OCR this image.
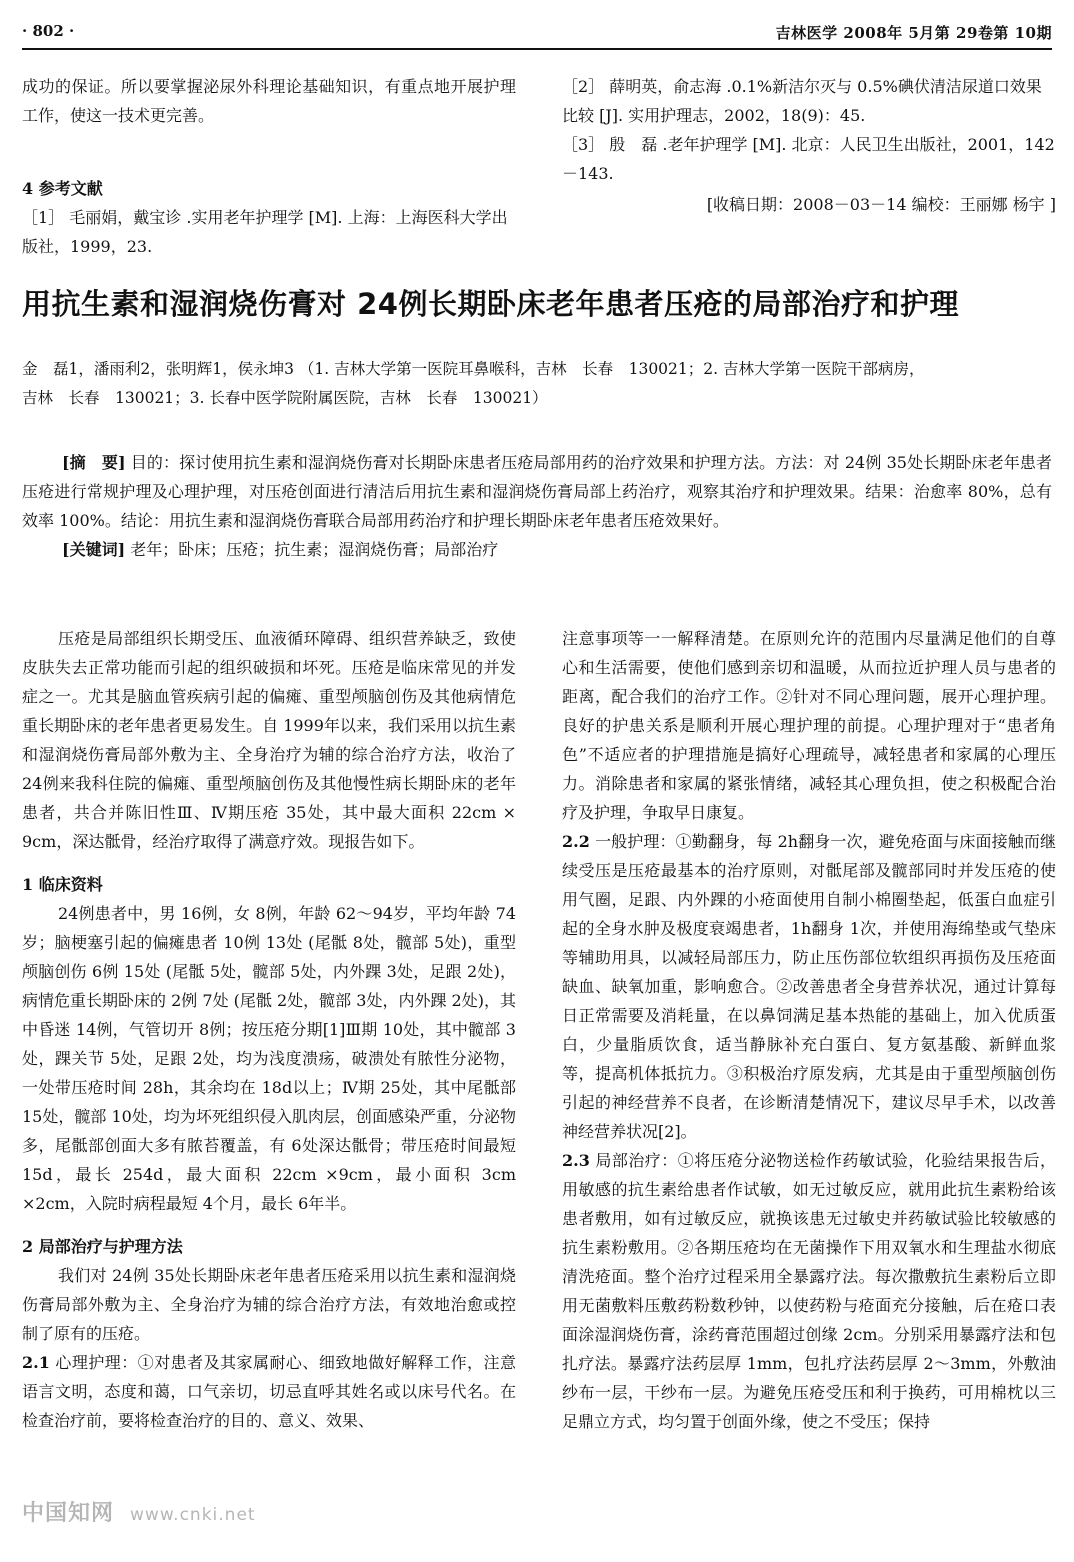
· 802 ·	吉林医学 2008年 5月第 29卷第 10期
成功的保证。所以要掌握泌尿外科理论基础知识，有重点地开展护理工作，使这一技术更完善。
4 参考文献
［1］ 毛丽娟，戴宝诊 .实用老年护理学 [M]. 上海：上海医科大学出版社，1999，23.
［2］ 薛明英，俞志海 .0.1%新洁尔灭与 0.5%碘伏清洁尿道口效果比较 [J]. 实用护理志，2002，18(9)：45.
［3］ 殷　磊 .老年护理学 [M]. 北京：人民卫生出版社，2001，142－143.
[收稿日期：2008－03－14 编校：王丽娜 杨宇 ]
用抗生素和湿润烧伤膏对 24例长期卧床老年患者压疮的局部治疗和护理
金　磊1，潘雨利2，张明辉1，侯永坤3 （1. 吉林大学第一医院耳鼻喉科，吉林　长春　130021；2. 吉林大学第一医院干部病房，
吉林　长春　130021；3. 长春中医学院附属医院，吉林　长春　130021）
[摘　要] 目的：探讨使用抗生素和湿润烧伤膏对长期卧床患者压疮局部用药的治疗效果和护理方法。方法：对 24例 35处长期卧床老年患者压疮进行常规护理及心理护理，对压疮创面进行清洁后用抗生素和湿润烧伤膏局部上药治疗，观察其治疗和护理效果。结果：治愈率 80%，总有效率 100%。结论：用抗生素和湿润烧伤膏联合局部用药治疗和护理长期卧床老年患者压疮效果好。
[关键词] 老年；卧床；压疮；抗生素；湿润烧伤膏；局部治疗
压疮是局部组织长期受压、血液循环障碍、组织营养缺乏，致使皮肤失去正常功能而引起的组织破损和坏死。压疮是临床常见的并发症之一。尤其是脑血管疾病引起的偏瘫、重型颅脑创伤及其他病情危重长期卧床的老年患者更易发生。自 1999年以来，我们采用以抗生素和湿润烧伤膏局部外敷为主、全身治疗为辅的综合治疗方法，收治了 24例来我科住院的偏瘫、重型颅脑创伤及其他慢性病长期卧床的老年患者，共合并陈旧性Ⅲ、Ⅳ期压疮 35处，其中最大面积 22cm × 9cm，深达骶骨，经治疗取得了满意疗效。现报告如下。
1 临床资料
24例患者中，男 16例，女 8例，年龄 62～94岁，平均年龄 74岁；脑梗塞引起的偏瘫患者 10例 13处 (尾骶 8处，髋部 5处)，重型颅脑创伤 6例 15处 (尾骶 5处，髋部 5处，内外踝 3处，足跟 2处)，病情危重长期卧床的 2例 7处 (尾骶 2处，髋部 3处，内外踝 2处)，其中昏迷 14例，气管切开 8例；按压疮分期[1]Ⅲ期 10处，其中髋部 3处，踝关节 5处，足跟 2处，均为浅度溃疡，破溃处有脓性分泌物，一处带压疮时间 28h，其余均在 18d以上；Ⅳ期 25处，其中尾骶部 15处，髋部 10处，均为坏死组织侵入肌肉层，创面感染严重，分泌物多，尾骶部创面大多有脓苔覆盖，有 6处深达骶骨；带压疮时间最短 15d，最长 254d，最大面积 22cm ×9cm，最小面积 3cm ×2cm，入院时病程最短 4个月，最长 6年半。
2 局部治疗与护理方法
我们对 24例 35处长期卧床老年患者压疮采用以抗生素和湿润烧伤膏局部外敷为主、全身治疗为辅的综合治疗方法，有效地治愈或控制了原有的压疮。
2.1 心理护理：①对患者及其家属耐心、细致地做好解释工作，注意语言文明，态度和蔼，口气亲切，切忌直呼其姓名或以床号代名。在检查治疗前，要将检查治疗的目的、意义、效果、
注意事项等一一解释清楚。在原则允许的范围内尽量满足他们的自尊心和生活需要，使他们感到亲切和温暖，从而拉近护理人员与患者的距离，配合我们的治疗工作。②针对不同心理问题，展开心理护理。良好的护患关系是顺利开展心理护理的前提。心理护理对于“患者角色”不适应者的护理措施是搞好心理疏导，减轻患者和家属的心理压力。消除患者和家属的紧张情绪，减轻其心理负担，使之积极配合治疗及护理，争取早日康复。
2.2 一般护理：①勤翻身，每 2h翻身一次，避免疮面与床面接触而继续受压是压疮最基本的治疗原则，对骶尾部及髋部同时并发压疮的使用气圈，足跟、内外踝的小疮面使用自制小棉圈垫起，低蛋白血症引起的全身水肿及极度衰竭患者，1h翻身 1次，并使用海绵垫或气垫床等辅助用具，以减轻局部压力，防止压伤部位软组织再损伤及压疮面缺血、缺氧加重，影响愈合。②改善患者全身营养状况，通过计算每日正常需要及消耗量，在以鼻饲满足基本热能的基础上，加入优质蛋白，少量脂质饮食，适当静脉补充白蛋白、复方氨基酸、新鲜血浆等，提高机体抵抗力。③积极治疗原发病，尤其是由于重型颅脑创伤引起的神经营养不良者，在诊断清楚情况下，建议尽早手术，以改善神经营养状况[2]。
2.3 局部治疗：①将压疮分泌物送检作药敏试验，化验结果报告后，用敏感的抗生素给患者作试敏，如无过敏反应，就用此抗生素粉给该患者敷用，如有过敏反应，就换该患无过敏史并药敏试验比较敏感的抗生素粉敷用。②各期压疮均在无菌操作下用双氧水和生理盐水彻底清洗疮面。整个治疗过程采用全暴露疗法。每次撒敷抗生素粉后立即用无菌敷料压敷药粉数秒钟，以使药粉与疮面充分接触，后在疮口表面涂湿润烧伤膏，涂药膏范围超过创缘 2cm。分别采用暴露疗法和包扎疗法。暴露疗法药层厚 1mm，包扎疗法药层厚 2～3mm，外敷油纱布一层，干纱布一层。为避免压疮受压和利于换药，可用棉枕以三足鼎立方式，均匀置于创面外缘，使之不受压；保持
中国知网 www.cnki.net
